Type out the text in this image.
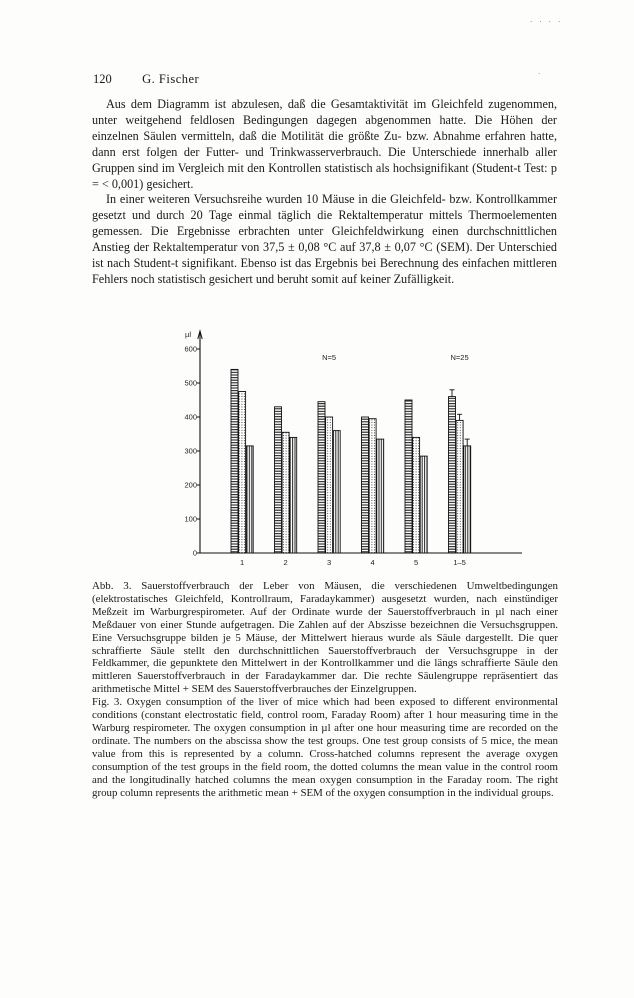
·    ·    ·    ·
·
120 G. Fischer

Aus dem Diagramm ist abzulesen, daß die Gesamtaktivität im Gleichfeld zugenommen, unter weitgehend feldlosen Bedingungen dagegen abgenommen hatte. Die Höhen der einzelnen Säulen vermitteln, daß die Motilität die größte Zu- bzw. Abnahme erfahren hatte, dann erst folgen der Futter- und Trinkwasserverbrauch. Die Unterschiede innerhalb aller Gruppen sind im Vergleich mit den Kontrollen statistisch als hochsignifikant (Student-t Test: p = < 0,001) gesichert.

In einer weiteren Versuchsreihe wurden 10 Mäuse in die Gleichfeld- bzw. Kontrollkammer gesetzt und durch 20 Tage einmal täglich die Rektaltemperatur mittels Thermoelementen gemessen. Die Ergebnisse erbrachten unter Gleichfeldwirkung einen durchschnittlichen Anstieg der Rektaltemperatur von 37,5 ± 0,08 °C auf 37,8 ± 0,07 °C (SEM). Der Unterschied ist nach Student-t signifikant. Ebenso ist das Ergebnis bei Berechnung des einfachen mittleren Fehlers noch statistisch gesichert und beruht somit auf keiner Zufälligkeit.

µl
0
100
200
300
400
500
600
1	2	3	4	5	1–5
N=5	N=25

Abb. 3. Sauerstoffverbrauch der Leber von Mäusen, die verschiedenen Umweltbedingungen (elektrostatisches Gleichfeld, Kontrollraum, Faradaykammer) ausgesetzt wurden, nach einstündiger Meßzeit im Warburgrespirometer. Auf der Ordinate wurde der Sauerstoffverbrauch in µl nach einer Meßdauer von einer Stunde aufgetragen. Die Zahlen auf der Abszisse bezeichnen die Versuchsgruppen. Eine Versuchsgruppe bilden je 5 Mäuse, der Mittelwert hieraus wurde als Säule dargestellt. Die quer schraffierte Säule stellt den durchschnittlichen Sauerstoffverbrauch der Versuchsgruppe in der Feldkammer, die gepunktete den Mittelwert in der Kontrollkammer und die längs schraffierte Säule den mittleren Sauerstoffverbrauch in der Faradaykammer dar. Die rechte Säulengruppe repräsentiert das arithmetische Mittel + SEM des Sauerstoffverbrauches der Einzelgruppen.

Fig. 3. Oxygen consumption of the liver of mice which had been exposed to different environmental conditions (constant electrostatic field, control room, Faraday Room) after 1 hour measuring time in the Warburg respirometer. The oxygen consumption in µl after one hour measuring time are recorded on the ordinate. The numbers on the abscissa show the test groups. One test group consists of 5 mice, the mean value from this is represented by a column. Cross-hatched columns represent the average oxygen consumption of the test groups in the field room, the dotted columns the mean value in the control room and the longitudinally hatched columns the mean oxygen consumption in the Faraday room. The right group column represents the arithmetic mean + SEM of the oxygen consumption in the individual groups.
